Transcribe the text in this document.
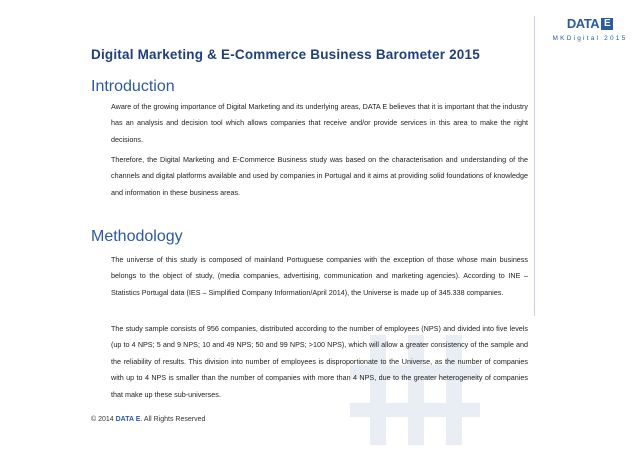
Digital Marketing & E-Commerce Business Barometer 2015
DATA E
MKDigital 2015
Introduction
Aware of the growing importance of Digital Marketing and its underlying areas, DATA E believes that it is important that the industry has an analysis and decision tool which allows companies that receive and/or provide services in this area to make the right decisions.
Therefore, the Digital Marketing and E-Commerce Business study was based on the characterisation and understanding of the channels and digital platforms available and used by companies in Portugal and it aims at providing solid foundations of knowledge and information in these business areas.
Methodology
The universe of this study is composed of mainland Portuguese companies with the exception of those whose main business belongs to the object of study, (media companies, advertising, communication and marketing agencies). According to INE – Statistics Portugal data (IES – Simplified Company Information/April 2014), the Universe is made up of 345.338 companies.
The study sample consists of 956 companies, distributed according to the number of employees (NPS) and divided into five levels (up to 4 NPS; 5 and 9 NPS; 10 and 49 NPS; 50 and 99 NPS; >100 NPS), which will allow a greater consistency of the sample and the reliability of results. This division into number of employees is disproportionate to the Universe, as the number of companies with up to 4 NPS is smaller than the number of companies with more than 4 NPS, due to the greater heterogeneity of companies that make up these sub-universes.
© 2014 DATA E. All Rights Reserved
